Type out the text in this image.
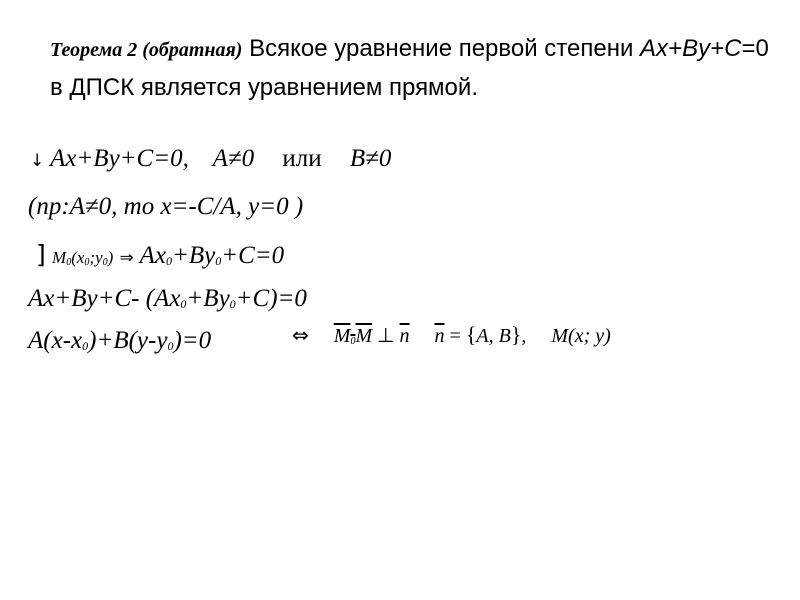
Теорема 2 (обратная) Всякое уравнение первой степени Ax+By+C=0 в ДПСК является уравнением прямой.
↓ Ax+By+C=0, A≠0 или B≠0
(пр:A≠0, то x=-C/A, y=0 )
] M0(x0;y0) ⇒ Ax0+By0+C=0
Ax+By+C- (Ax0+By0+C)=0
A(x-x0)+B(y-y0)=0	⇔ M0M ⊥ $\overline{n}$ $\overline{n} = \{A$, B}, M(x; y)
